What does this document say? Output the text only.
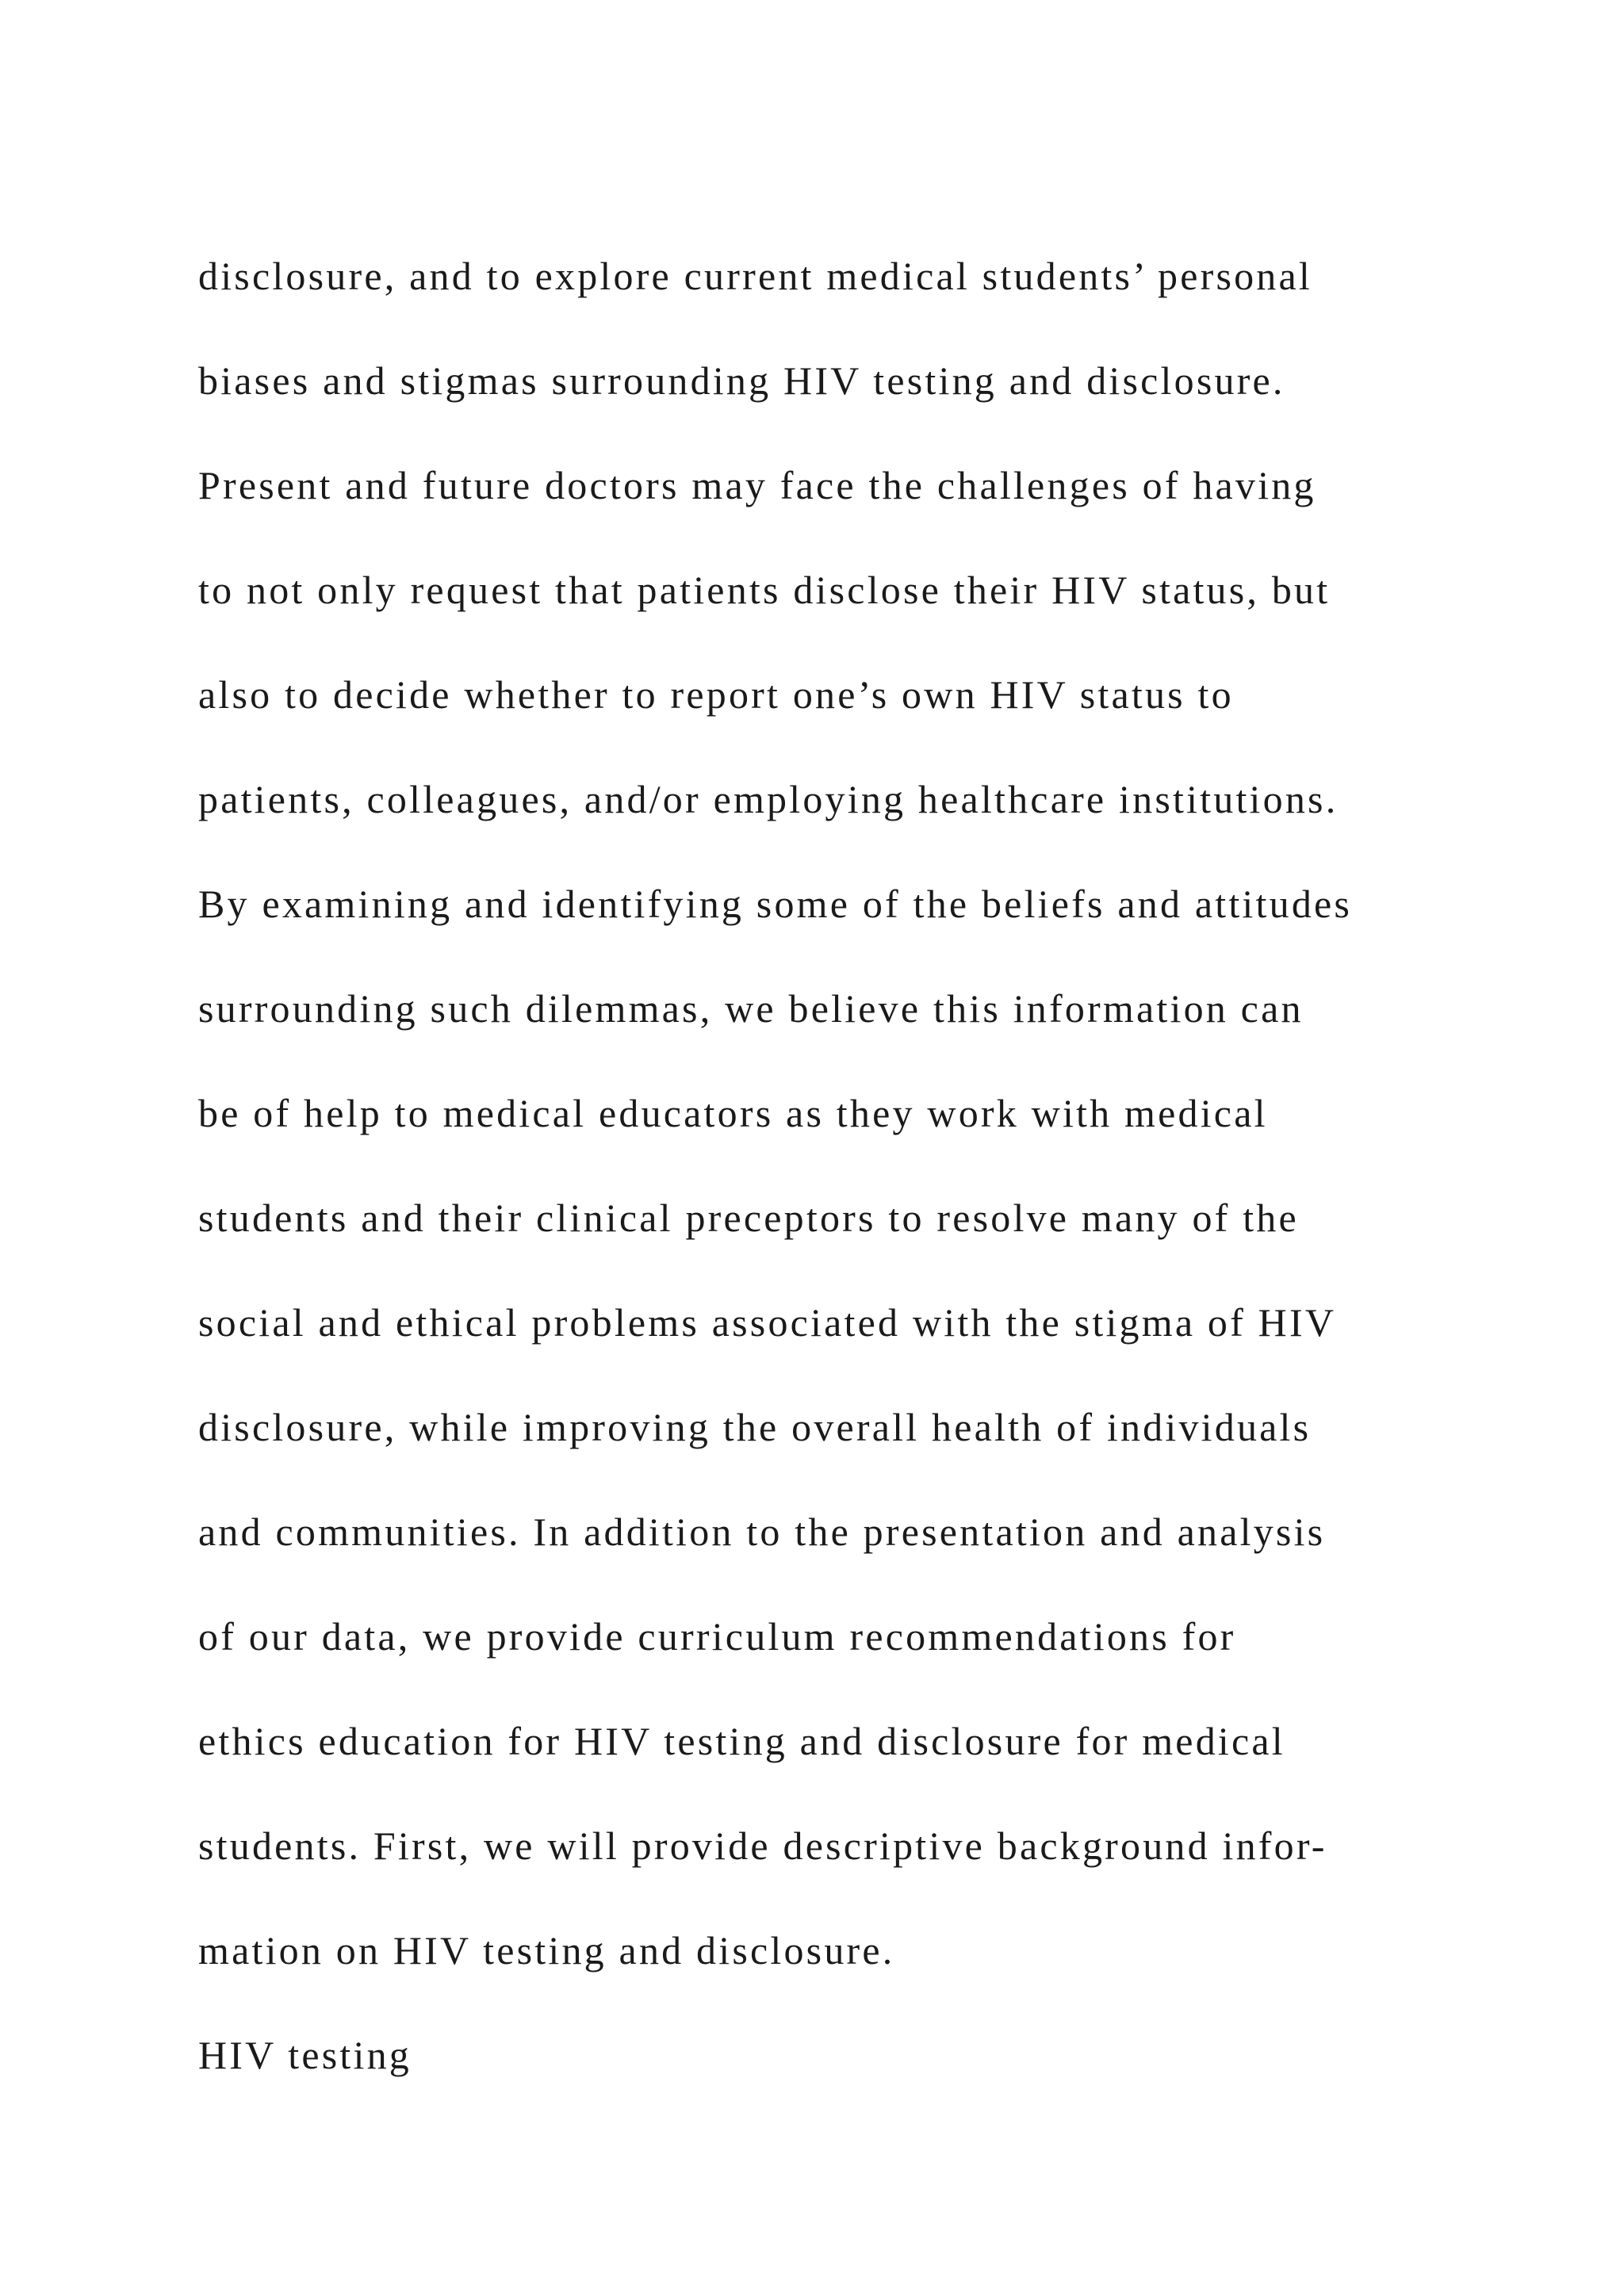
disclosure, and to explore current medical students’ personal
biases and stigmas surrounding HIV testing and disclosure.
Present and future doctors may face the challenges of having
to not only request that patients disclose their HIV status, but
also to decide whether to report one’s own HIV status to
patients, colleagues, and/or employing healthcare institutions.
By examining and identifying some of the beliefs and attitudes
surrounding such dilemmas, we believe this information can
be of help to medical educators as they work with medical
students and their clinical preceptors to resolve many of the
social and ethical problems associated with the stigma of HIV
disclosure, while improving the overall health of individuals
and communities. In addition to the presentation and analysis
of our data, we provide curriculum recommendations for
ethics education for HIV testing and disclosure for medical
students. First, we will provide descriptive background infor-
mation on HIV testing and disclosure.
HIV testing
